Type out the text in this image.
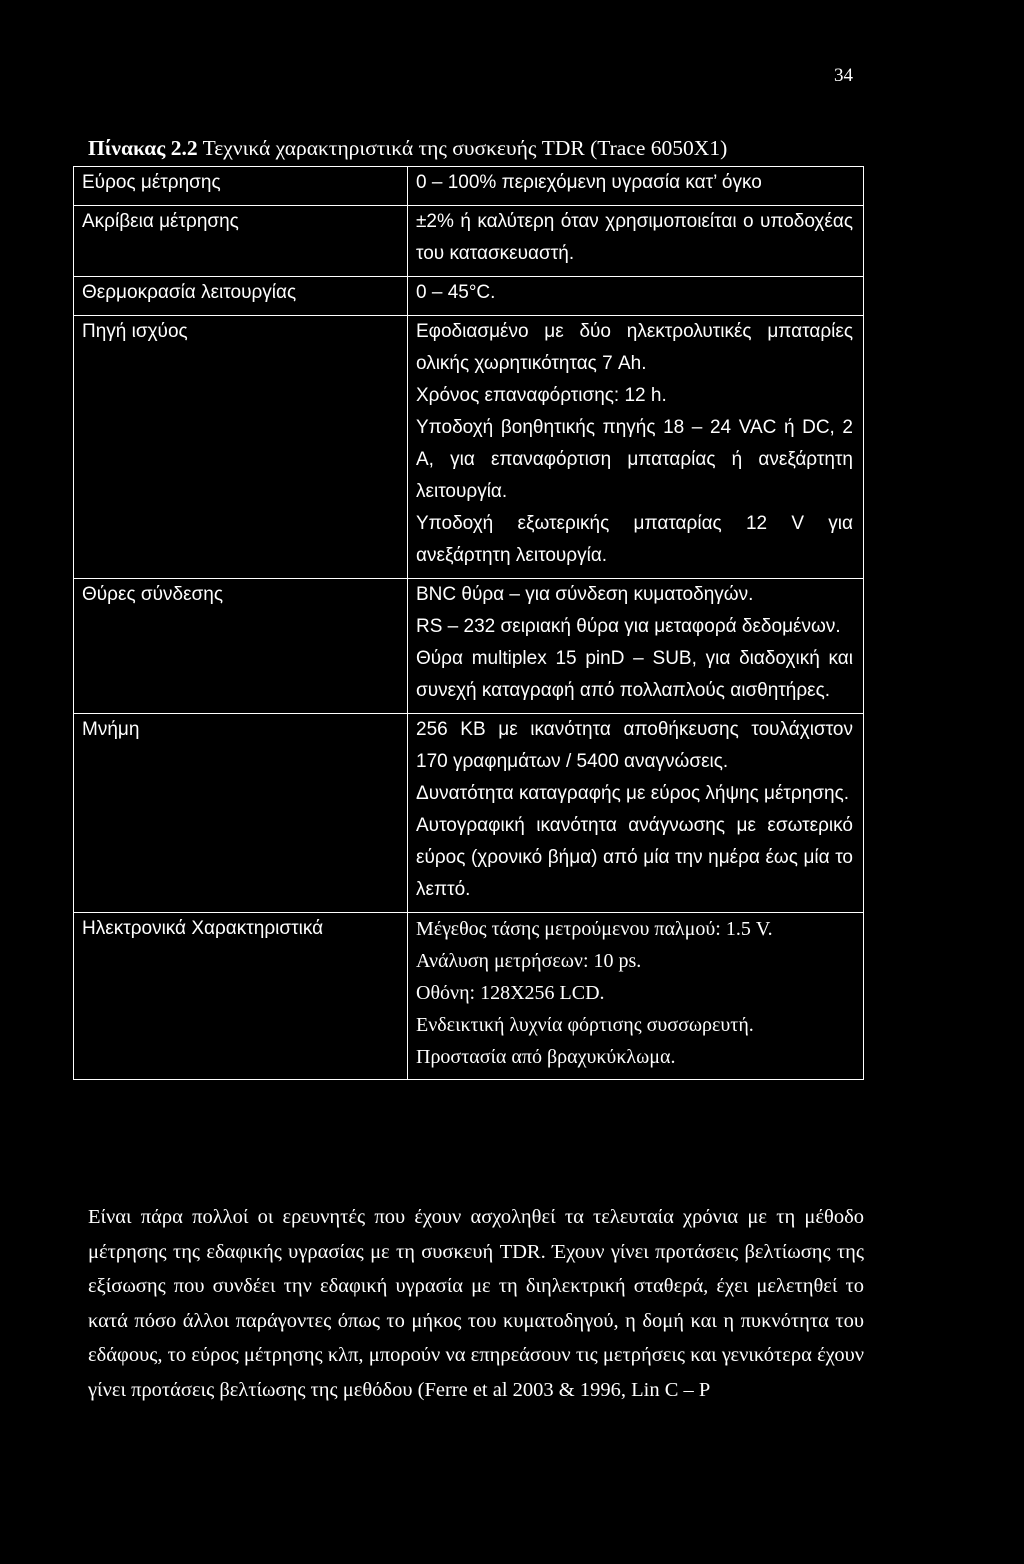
34
Πίνακας 2.2 Τεχνικά χαρακτηριστικά της συσκευής TDR (Trace 6050X1)
Εύρος μέτρησης	0 – 100% περιεχόμενη υγρασία κατ’ όγκο

Ακρίβεια μέτρησης	±2% ή καλύτερη όταν χρησιμοποιείται ο υποδοχέας του κατασκευαστή.

Θερμοκρασία λειτουργίας	0 – 45°C.

Πηγή ισχύος	Εφοδιασμένο με δύο ηλεκτρολυτικές μπαταρίες ολικής χωρητικότητας 7 Ah.
Χρόνος επαναφόρτισης: 12 h.
Υποδοχή βοηθητικής πηγής 18 – 24 VAC ή DC, 2 A, για επαναφόρτιση μπαταρίας ή ανεξάρτητη λειτουργία.
Υποδοχή εξωτερικής μπαταρίας 12 V για ανεξάρτητη λειτουργία.

Θύρες σύνδεσης	BNC θύρα – για σύνδεση κυματοδηγών.
RS – 232 σειριακή θύρα για μεταφορά δεδομένων.
Θύρα multiplex 15 pinD – SUB, για διαδοχική και συνεχή καταγραφή από πολλαπλούς αισθητήρες.

Μνήμη	256 KB με ικανότητα αποθήκευσης τουλάχιστον 170 γραφημάτων / 5400 αναγνώσεις.
Δυνατότητα καταγραφής με εύρος λήψης μέτρησης.
Αυτογραφική ικανότητα ανάγνωσης με εσωτερικό εύρος (χρονικό βήμα) από μία την ημέρα έως μία το λεπτό.

Ηλεκτρονικά Χαρακτηριστικά	Μέγεθος τάσης μετρούμενου παλμού: 1.5 V.
Ανάλυση μετρήσεων: 10 ps.
Οθόνη: 128X256 LCD.
Ενδεικτική λυχνία φόρτισης συσσωρευτή.
Προστασία από βραχυκύκλωμα.
Είναι πάρα πολλοί οι ερευνητές που έχουν ασχοληθεί τα τελευταία χρόνια με τη μέθοδο μέτρησης της εδαφικής υγρασίας με τη συσκευή TDR. Έχουν γίνει προτάσεις βελτίωσης της εξίσωσης που συνδέει την εδαφική υγρασία με τη διηλεκτρική σταθερά, έχει μελετηθεί το κατά πόσο άλλοι παράγοντες όπως το μήκος του κυματοδηγού, η δομή και η πυκνότητα του εδάφους, το εύρος μέτρησης κλπ, μπορούν να επηρεάσουν τις μετρήσεις και γενικότερα έχουν γίνει προτάσεις βελτίωσης της μεθόδου (Ferre et al 2003 & 1996, Lin C – P
